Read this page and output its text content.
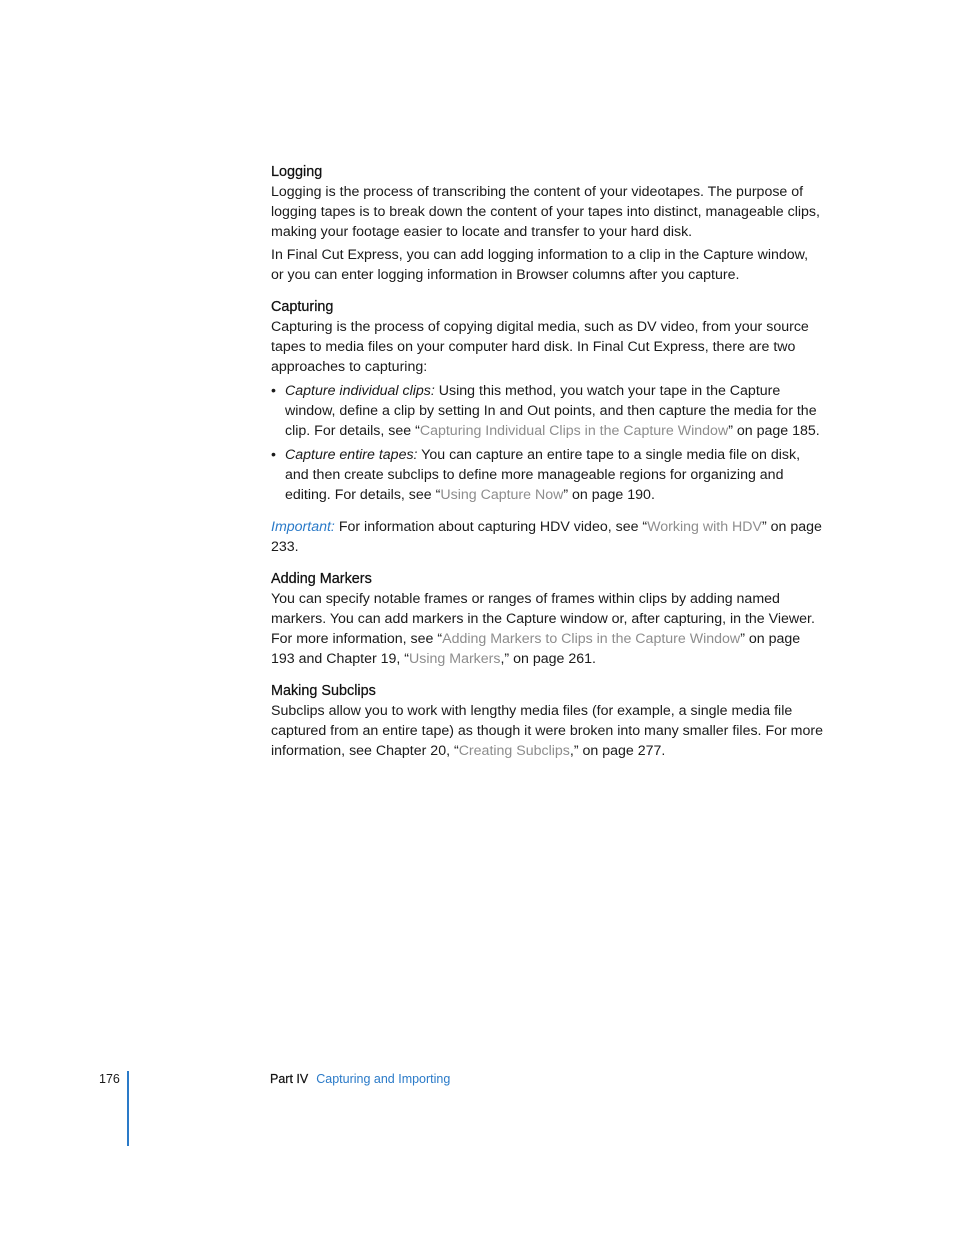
Logging

Logging is the process of transcribing the content of your videotapes. The purpose of logging tapes is to break down the content of your tapes into distinct, manageable clips, making your footage easier to locate and transfer to your hard disk.

In Final Cut Express, you can add logging information to a clip in the Capture window, or you can enter logging information in Browser columns after you capture.

Capturing

Capturing is the process of copying digital media, such as DV video, from your source tapes to media files on your computer hard disk. In Final Cut Express, there are two approaches to capturing:

• Capture individual clips: Using this method, you watch your tape in the Capture window, define a clip by setting In and Out points, and then capture the media for the clip. For details, see “Capturing Individual Clips in the Capture Window” on page 185.
• Capture entire tapes: You can capture an entire tape to a single media file on disk, and then create subclips to define more manageable regions for organizing and editing. For details, see “Using Capture Now” on page 190.

Important: For information about capturing HDV video, see “Working with HDV” on page 233.

Adding Markers

You can specify notable frames or ranges of frames within clips by adding named markers. You can add markers in the Capture window or, after capturing, in the Viewer. For more information, see “Adding Markers to Clips in the Capture Window” on page 193 and Chapter 19, “Using Markers,” on page 261.

Making Subclips

Subclips allow you to work with lengthy media files (for example, a single media file captured from an entire tape) as though it were broken into many smaller files. For more information, see Chapter 20, “Creating Subclips,” on page 277.

176	Part IV Capturing and Importing
